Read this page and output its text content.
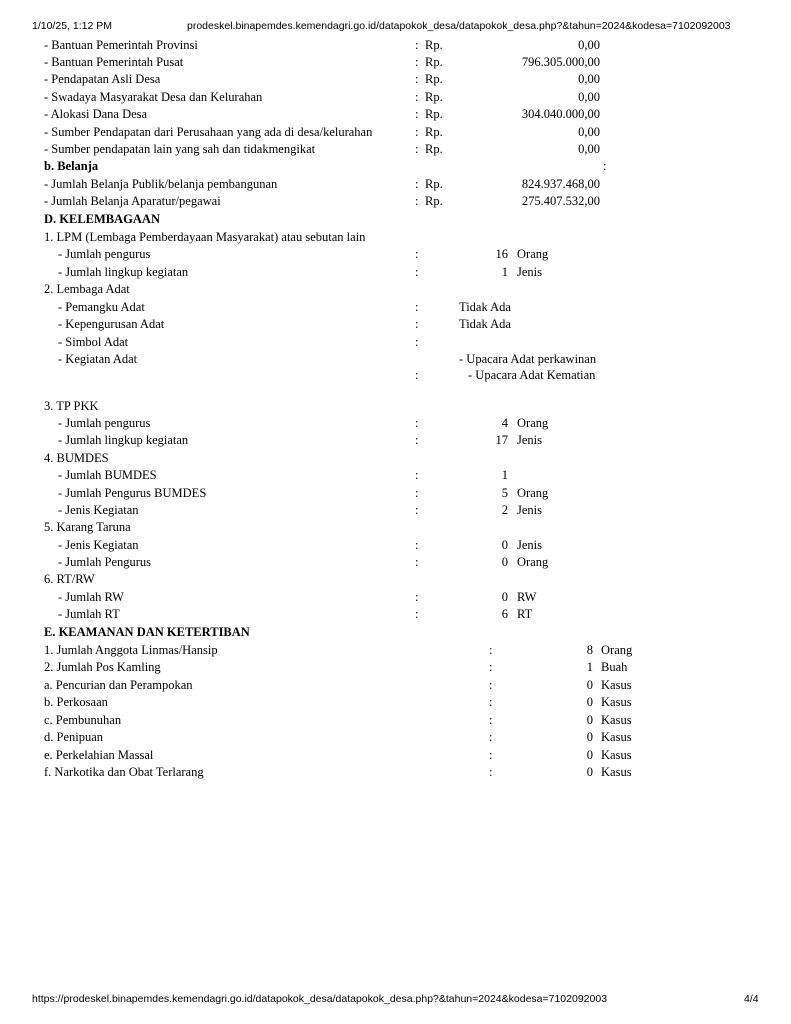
1/10/25, 1:12 PM	prodeskel.binapemdes.kemendagri.go.id/datapokok_desa/datapokok_desa.php?&tahun=2024&kodesa=7102092003
- Bantuan Pemerintah Provinsi	: Rp.	0,00
- Bantuan Pemerintah Pusat	: Rp.	796.305.000,00
- Pendapatan Asli Desa	: Rp.	0,00
- Swadaya Masyarakat Desa dan Kelurahan	: Rp.	0,00
- Alokasi Dana Desa	: Rp.	304.040.000,00
- Sumber Pendapatan dari Perusahaan yang ada di desa/kelurahan	: Rp.	0,00
- Sumber pendapatan lain yang sah dan tidakmengikat	: Rp.	0,00
b. Belanja	:
- Jumlah Belanja Publik/belanja pembangunan	: Rp.	824.937.468,00
- Jumlah Belanja Aparatur/pegawai	: Rp.	275.407.532,00
D. KELEMBAGAAN
1. LPM (Lembaga Pemberdayaan Masyarakat) atau sebutan lain
- Jumlah pengurus	:	16 Orang
- Jumlah lingkup kegiatan	:	1 Jenis
2. Lembaga Adat
- Pemangku Adat	:	Tidak Ada
- Kepengurusan Adat	:	Tidak Ada
- Simbol Adat	:
- Kegiatan Adat	- Upacara Adat perkawinan
:	- Upacara Adat Kematian
3. TP PKK
- Jumlah pengurus	:	4 Orang
- Jumlah lingkup kegiatan	:	17 Jenis
4. BUMDES
- Jumlah BUMDES	:	1
- Jumlah Pengurus BUMDES	:	5 Orang
- Jenis Kegiatan	:	2 Jenis
5. Karang Taruna
- Jenis Kegiatan	:	0 Jenis
- Jumlah Pengurus	:	0 Orang
6. RT/RW
- Jumlah RW	:	0 RW
- Jumlah RT	:	6 RT
E. KEAMANAN DAN KETERTIBAN
1. Jumlah Anggota Linmas/Hansip	:	8 Orang
2. Jumlah Pos Kamling	:	1 Buah
a. Pencurian dan Perampokan	:	0 Kasus
b. Perkosaan	:	0 Kasus
c. Pembunuhan	:	0 Kasus
d. Penipuan	:	0 Kasus
e. Perkelahian Massal	:	0 Kasus
f. Narkotika dan Obat Terlarang	:	0 Kasus
https://prodeskel.binapemdes.kemendagri.go.id/datapokok_desa/datapokok_desa.php?&tahun=2024&kodesa=7102092003	4/4
